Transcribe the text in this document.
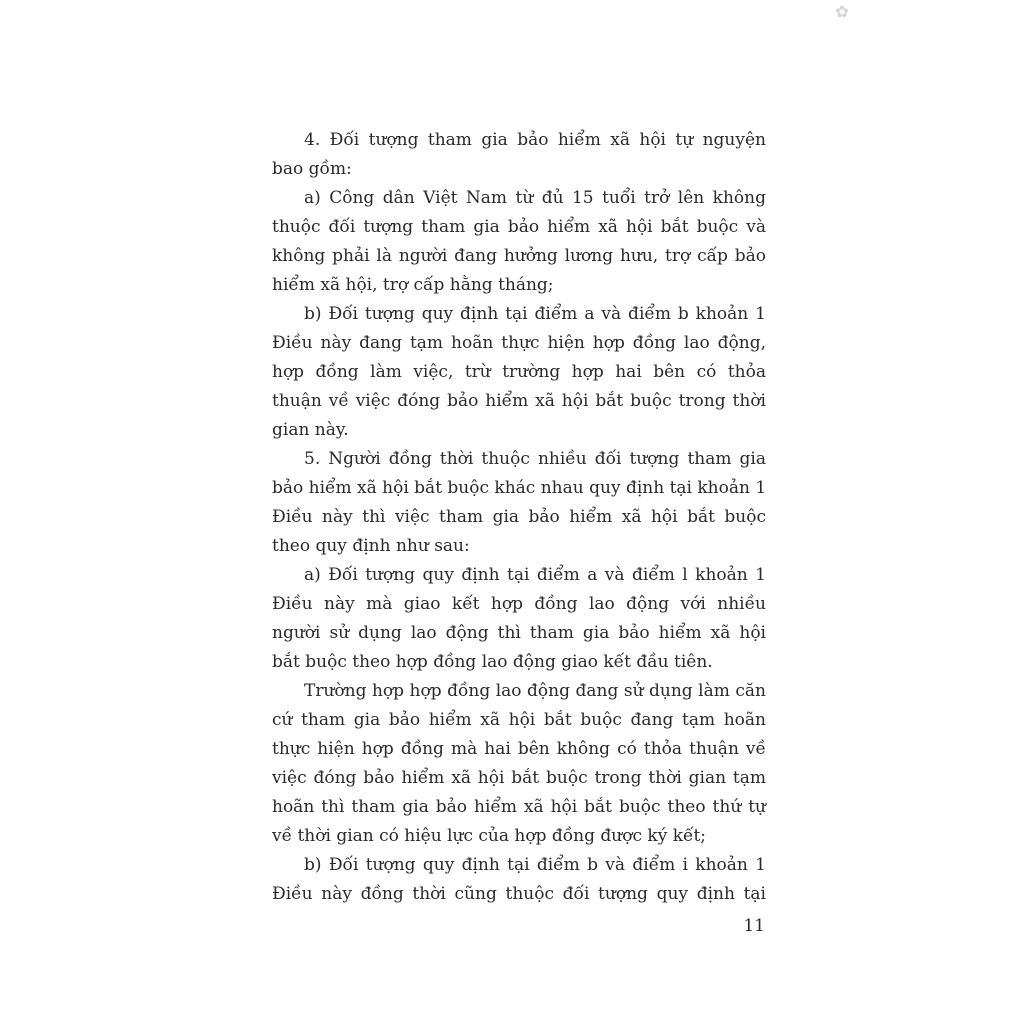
✿
4. Đối tượng tham gia bảo hiểm xã hội tự nguyện
bao gồm:
a) Công dân Việt Nam từ đủ 15 tuổi trở lên không
thuộc đối tượng tham gia bảo hiểm xã hội bắt buộc và
không phải là người đang hưởng lương hưu, trợ cấp bảo
hiểm xã hội, trợ cấp hằng tháng;
b) Đối tượng quy định tại điểm a và điểm b khoản 1
Điều này đang tạm hoãn thực hiện hợp đồng lao động,
hợp đồng làm việc, trừ trường hợp hai bên có thỏa
thuận về việc đóng bảo hiểm xã hội bắt buộc trong thời
gian này.
5. Người đồng thời thuộc nhiều đối tượng tham gia
bảo hiểm xã hội bắt buộc khác nhau quy định tại khoản 1
Điều này thì việc tham gia bảo hiểm xã hội bắt buộc
theo quy định như sau:
a) Đối tượng quy định tại điểm a và điểm l khoản 1
Điều này mà giao kết hợp đồng lao động với nhiều
người sử dụng lao động thì tham gia bảo hiểm xã hội
bắt buộc theo hợp đồng lao động giao kết đầu tiên.
Trường hợp hợp đồng lao động đang sử dụng làm căn
cứ tham gia bảo hiểm xã hội bắt buộc đang tạm hoãn
thực hiện hợp đồng mà hai bên không có thỏa thuận về
việc đóng bảo hiểm xã hội bắt buộc trong thời gian tạm
hoãn thì tham gia bảo hiểm xã hội bắt buộc theo thứ tự
về thời gian có hiệu lực của hợp đồng được ký kết;
b) Đối tượng quy định tại điểm b và điểm i khoản 1
Điều này đồng thời cũng thuộc đối tượng quy định tại
11
